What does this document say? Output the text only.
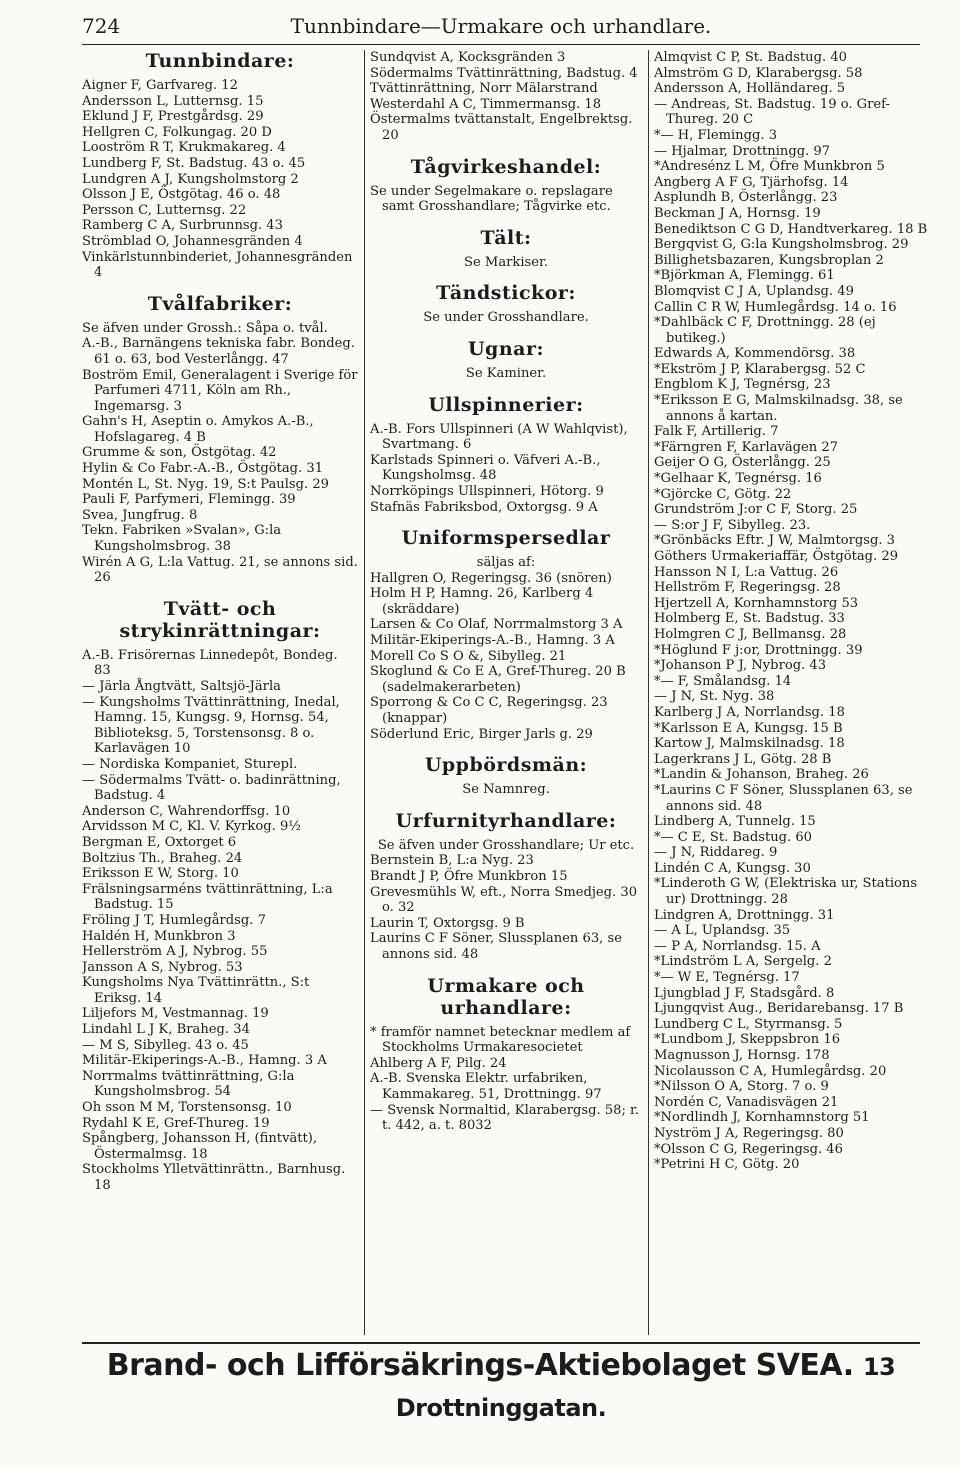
724	Tunnbindare—Urmakare och urhandlare.
Tunnbindare:
Aigner F, Garfvareg. 12
Andersson L, Lutternsg. 15
Eklund J F, Prestgårdsg. 29
Hellgren C, Folkungag. 20 D
Looström R T, Krukmakareg. 4
Lundberg F, St. Badstug. 43 o. 45
Lundgren A J, Kungsholmstorg 2
Olsson J E, Östgötag. 46 o. 48
Persson C, Lutternsg. 22
Ramberg C A, Surbrunnsg. 43
Strömblad O, Johannesgränden 4
Vinkärlstunnbinderiet, Johannesgränden 4
Tvålfabriker:
Se äfven under Grossh.: Såpa o. tvål.
A.-B., Barnängens tekniska fabr. Bondeg. 61 o. 63, bod Vesterlångg. 47
Boström Emil, Generalagent i Sverige för Parfumeri 4711, Köln am Rh., Ingemarsg. 3
Gahn's H, Aseptin o. Amykos A.-B., Hofslagareg. 4 B
Grumme & son, Östgötag. 42
Hylin & Co Fabr.-A.-B., Östgötag. 31
Montén L, St. Nyg. 19, S:t Paulsg. 29
Pauli F, Parfymeri, Flemingg. 39
Svea, Jungfrug. 8
Tekn. Fabriken »Svalan», G:la Kungsholmsbrog. 38
Wirén A G, L:la Vattug. 21, se annons sid. 26
Tvätt- och strykinrättningar:
A.-B. Frisörernas Linnedepôt, Bondeg. 83
— Järla Ångtvätt, Saltsjö-Järla
— Kungsholms Tvättinrättning, Inedal, Hamng. 15, Kungsg. 9, Hornsg. 54, Biblioteksg. 5, Torstensonsg. 8 o. Karlavägen 10
— Nordiska Kompaniet, Sturepl.
— Södermalms Tvätt- o. badinrättning, Badstug. 4
Anderson C, Wahrendorffsg. 10
Arvidsson M C, Kl. V. Kyrkog. 9½
Bergman E, Oxtorget 6
Boltzius Th., Braheg. 24
Eriksson E W, Storg. 10
Frälsningsarméns tvättinrättning, L:a Badstug. 15
Fröling J T, Humlegårdsg. 7
Haldén H, Munkbron 3
Hellerström A J, Nybrog. 55
Jansson A S, Nybrog. 53
Kungsholms Nya Tvättinrättn., S:t Eriksg. 14
Liljefors M, Vestmannag. 19
Lindahl L J K, Braheg. 34
— M S, Sibylleg. 43 o. 45
Militär-Ekiperings-A.-B., Hamng. 3 A
Norrmalms tvättinrättning, G:la Kungsholmsbrog. 54
Oh sson M M, Torstensonsg. 10
Rydahl K E, Gref-Thureg. 19
Spångberg, Johansson H, (fintvätt), Östermalmsg. 18
Stockholms Ylletvättinrättn., Barnhusg. 18
Sundqvist A, Kocksgränden 3
Södermalms Tvättinrättning, Badstug. 4
Tvättinrättning, Norr Mälarstrand
Westerdahl A C, Timmermansg. 18
Östermalms tvättanstalt, Engelbrektsg. 20
Tågvirkeshandel:
Se under Segelmakare o. repslagare samt Grosshandlare; Tågvirke etc.
Tält:
Se Markiser.
Tändstickor:
Se under Grosshandlare.
Ugnar:
Se Kaminer.
Ullspinnerier:
A.-B. Fors Ullspinneri (A W Wahlqvist), Svartmang. 6
Karlstads Spinneri o. Väfveri A.-B., Kungsholmsg. 48
Norrköpings Ullspinneri, Hötorg. 9
Stafnäs Fabriksbod, Oxtorgsg. 9 A
Uniformspersedlar
säljas af:
Hallgren O, Regeringsg. 36 (snören)
Holm H P, Hamng. 26, Karlberg 4 (skräddare)
Larsen & Co Olaf, Norrmalmstorg 3 A
Militär-Ekiperings-A.-B., Hamng. 3 A
Morell Co S O &, Sibylleg. 21
Skoglund & Co E A, Gref-Thureg. 20 B (sadelmakerarbeten)
Sporrong & Co C C, Regeringsg. 23 (knappar)
Söderlund Eric, Birger Jarls g. 29
Uppbördsmän:
Se Namnreg.
Urfurnityrhandlare:
Se äfven under Grosshandlare; Ur etc.
Bernstein B, L:a Nyg. 23
Brandt J P, Öfre Munkbron 15
Grevesmühls W, eft., Norra Smedjeg. 30 o. 32
Laurin T, Oxtorgsg. 9 B
Laurins C F Söner, Slussplanen 63, se annons sid. 48
Urmakare och urhandlare:
* framför namnet betecknar medlem af Stockholms Urmakaresocietet
Ahlberg A F, Pilg. 24
A.-B. Svenska Elektr. urfabriken, Kammakareg. 51, Drottningg. 97
— Svensk Normaltid, Klarabergsg. 58; r. t. 442, a. t. 8032
Almqvist C P, St. Badstug. 40
Almström G D, Klarabergsg. 58
Andersson A, Holländareg. 5
— Andreas, St. Badstug. 19 o. Gref-Thureg. 20 C
*— H, Flemingg. 3
— Hjalmar, Drottningg. 97
*Andresénz L M, Öfre Munkbron 5
Angberg A F G, Tjärhofsg. 14
Asplundh B, Österlångg. 23
Beckman J A, Hornsg. 19
Benediktson C G D, Handtverkareg. 18 B
Bergqvist G, G:la Kungsholmsbrog. 29
Billighetsbazaren, Kungsbroplan 2
*Björkman A, Flemingg. 61
Blomqvist C J A, Uplandsg. 49
Callin C R W, Humlegårdsg. 14 o. 16
*Dahlbäck C F, Drottningg. 28 (ej butikeg.)
Edwards A, Kommendörsg. 38
*Ekström J P, Klarabergsg. 52 C
Engblom K J, Tegnérsg, 23
*Eriksson E G, Malmskilnadsg. 38, se annons å kartan.
Falk F, Artillerig. 7
*Färngren F, Karlavägen 27
Geijer O G, Österlångg. 25
*Gelhaar K, Tegnérsg. 16
*Gjörcke C, Götg. 22
Grundström J:or C F, Storg. 25
— S:or J F, Sibylleg. 23.
*Grönbäcks Eftr. J W, Malmtorgsg. 3
Göthers Urmakeriaffär, Östgötag. 29
Hansson N I, L:a Vattug. 26
Hellström F, Regeringsg. 28
Hjertzell A, Kornhamnstorg 53
Holmberg E, St. Badstug. 33
Holmgren C J, Bellmansg. 28
*Höglund F j:or, Drottningg. 39
*Johanson P J, Nybrog. 43
*— F, Smålandsg. 14
— J N, St. Nyg. 38
Karlberg J A, Norrlandsg. 18
*Karlsson E A, Kungsg. 15 B
Kartow J, Malmskilnadsg. 18
Lagerkrans J L, Götg. 28 B
*Landin & Johanson, Braheg. 26
*Laurins C F Söner, Slussplanen 63, se annons sid. 48
Lindberg A, Tunnelg. 15
*— C E, St. Badstug. 60
— J N, Riddareg. 9
Lindén C A, Kungsg. 30
*Linderoth G W, (Elektriska ur, Stations ur) Drottningg. 28
Lindgren A, Drottningg. 31
— A L, Uplandsg. 35
— P A, Norrlandsg. 15. A
*Lindström L A, Sergelg. 2
*— W E, Tegnérsg. 17
Ljungblad J F, Stadsgård. 8
Ljungqvist Aug., Beridarebansg. 17 B
Lundberg C L, Styrmansg. 5
*Lundbom J, Skeppsbron 16
Magnusson J, Hornsg. 178
Nicolausson C A, Humlegårdsg. 20
*Nilsson O A, Storg. 7 o. 9
Nordén C, Vanadisvägen 21
*Nordlindh J, Kornhamnstorg 51
Nyström J A, Regeringsg. 80
*Olsson C G, Regeringsg. 46
*Petrini H C, Götg. 20
Brand- och Lifförsäkrings-Aktiebolaget SVEA. 13 Drottninggatan.
